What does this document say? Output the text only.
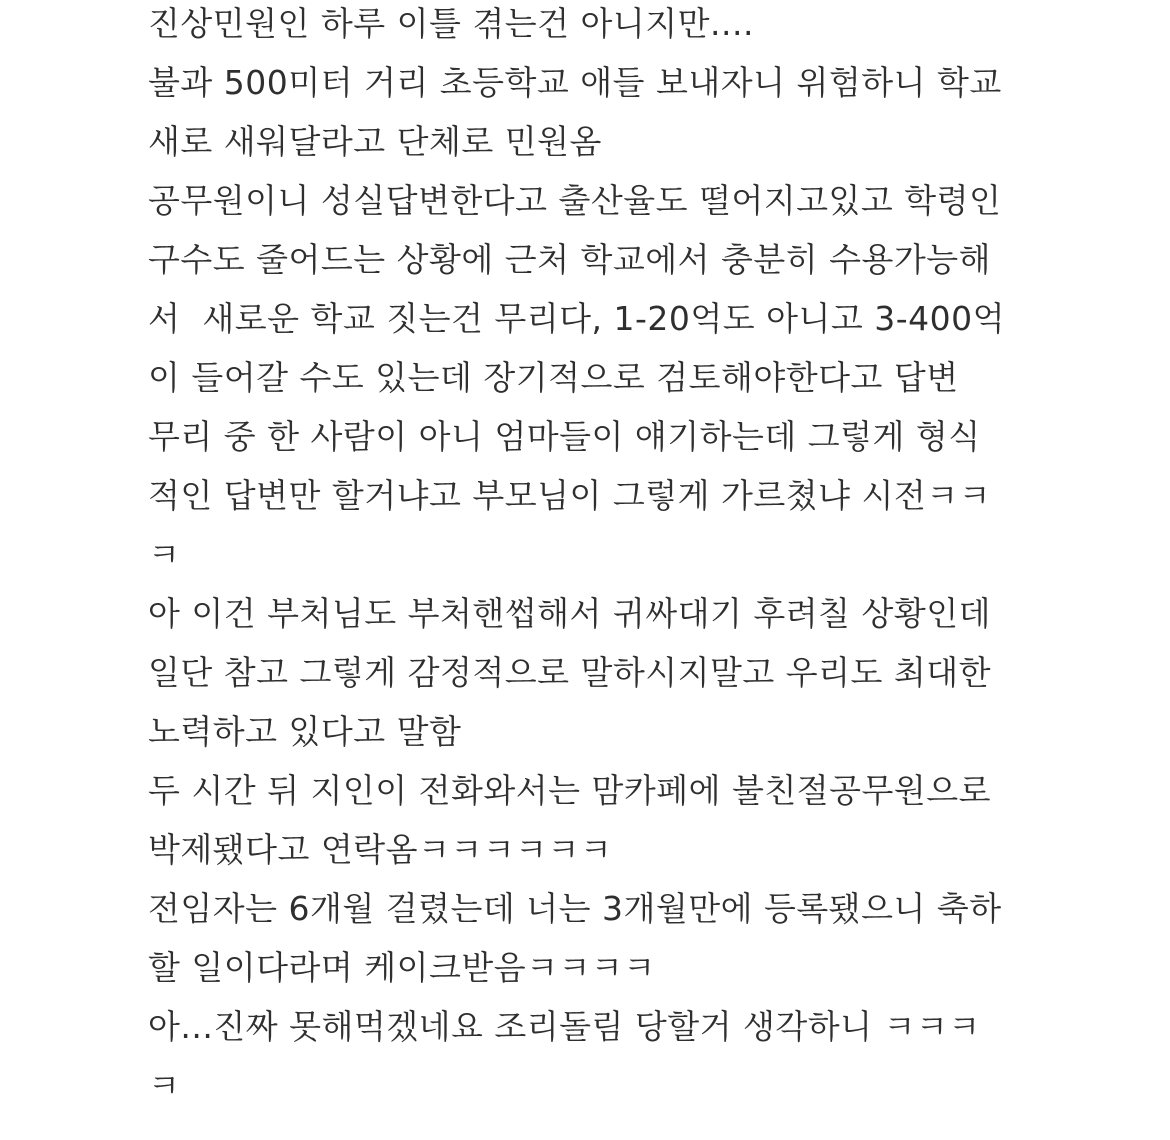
진상민원인 하루 이틀 겪는건 아니지만....
불과 500미터 거리 초등학교 애들 보내자니 위험하니 학교
새로 새워달라고 단체로 민원옴
공무원이니 성실답변한다고 출산율도 떨어지고있고 학령인
구수도 줄어드는 상황에 근처 학교에서 충분히 수용가능해
서  새로운 학교 짓는건 무리다, 1-20억도 아니고 3-400억
이 들어갈 수도 있는데 장기적으로 검토해야한다고 답변
무리 중 한 사람이 아니 엄마들이 얘기하는데 그렇게 형식
적인 답변만 할거냐고 부모님이 그렇게 가르쳤냐 시전ㅋㅋ
ㅋ
아 이건 부처님도 부처핸썹해서 귀싸대기 후려칠 상황인데
일단 참고 그렇게 감정적으로 말하시지말고 우리도 최대한
노력하고 있다고 말함
두 시간 뒤 지인이 전화와서는 맘카페에 불친절공무원으로
박제됐다고 연락옴ㅋㅋㅋㅋㅋㅋ
전임자는 6개월 걸렸는데 너는 3개월만에 등록됐으니 축하
할 일이다라며 케이크받음ㅋㅋㅋㅋ
아...진짜 못해먹겠네요 조리돌림 당할거 생각하니 ㅋㅋㅋ
ㅋ
